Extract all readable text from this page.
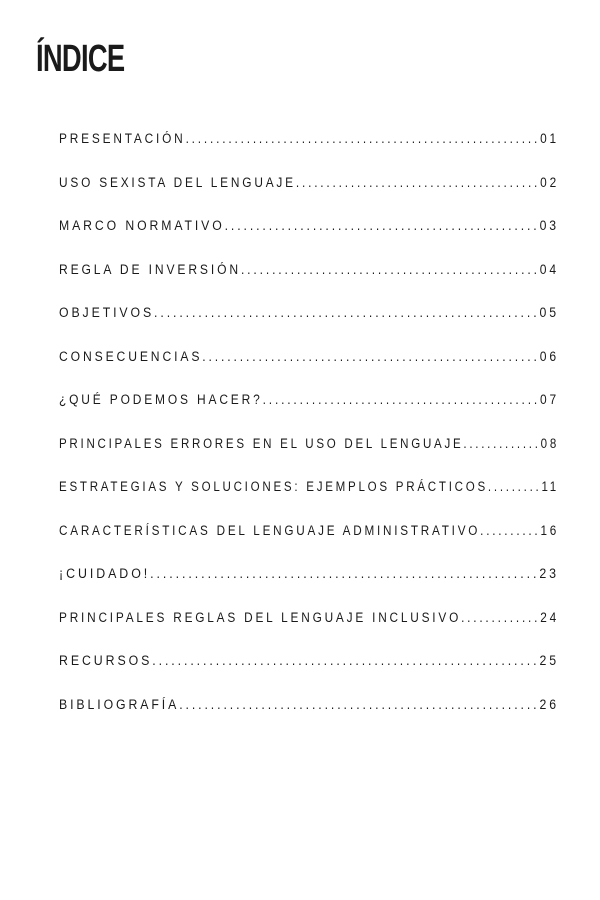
ÍNDICE
PRESENTACIÓN..........................................................01
USO SEXISTA DEL LENGUAJE........................................02
MARCO NORMATIVO..................................................03
REGLA DE INVERSIÓN................................................04
OBJETIVOS.............................................................05
CONSECUENCIAS......................................................06
¿QUÉ PODEMOS HACER?.............................................07
PRINCIPALES ERRORES EN EL USO DEL LENGUAJE.............08
ESTRATEGIAS Y SOLUCIONES: EJEMPLOS PRÁCTICOS.........11
CARACTERÍSTICAS DEL LENGUAJE ADMINISTRATIVO..........16
¡CUIDADO!.............................................................23
PRINCIPALES REGLAS DEL LENGUAJE INCLUSIVO.............24
RECURSOS.............................................................25
BIBLIOGRAFÍA.........................................................26
